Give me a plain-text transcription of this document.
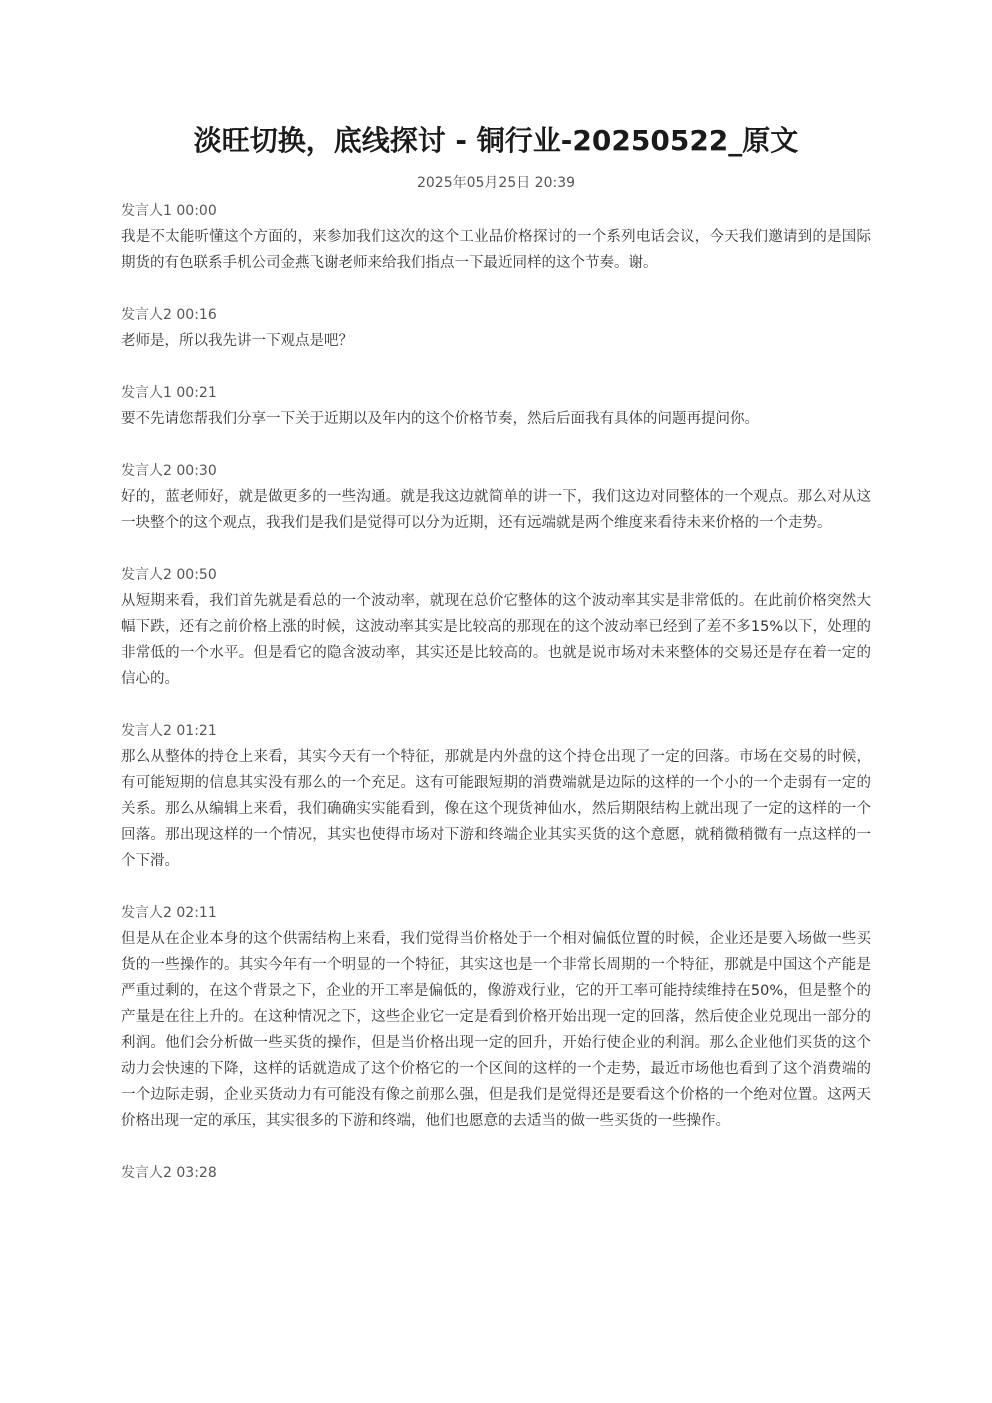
淡旺切换，底线探讨 - 铜行业-20250522_原文
2025年05月25日 20:39
发言人1 00:00

我是不太能听懂这个方面的，来参加我们这次的这个工业品价格探讨的一个系列电话会议，今天我们邀请到的是国际期货的有色联系手机公司金燕飞谢老师来给我们指点一下最近同样的这个节奏。谢。

发言人2 00:16

老师是，所以我先讲一下观点是吧？

发言人1 00:21

要不先请您帮我们分享一下关于近期以及年内的这个价格节奏，然后后面我有具体的问题再提问你。

发言人2 00:30

好的，蓝老师好，就是做更多的一些沟通。就是我这边就简单的讲一下，我们这边对同整体的一个观点。那么对从这一块整个的这个观点，我我们是我们是觉得可以分为近期，还有远端就是两个维度来看待未来价格的一个走势。

发言人2 00:50

从短期来看，我们首先就是看总的一个波动率，就现在总价它整体的这个波动率其实是非常低的。在此前价格突然大幅下跌，还有之前价格上涨的时候，这波动率其实是比较高的那现在的这个波动率已经到了差不多15%以下，处理的非常低的一个水平。但是看它的隐含波动率，其实还是比较高的。也就是说市场对未来整体的交易还是存在着一定的信心的。

发言人2 01:21

那么从整体的持仓上来看，其实今天有一个特征，那就是内外盘的这个持仓出现了一定的回落。市场在交易的时候，有可能短期的信息其实没有那么的一个充足。这有可能跟短期的消费端就是边际的这样的一个小的一个走弱有一定的关系。那么从编辑上来看，我们确确实实能看到，像在这个现货神仙水，然后期限结构上就出现了一定的这样的一个回落。那出现这样的一个情况，其实也使得市场对下游和终端企业其实买货的这个意愿，就稍微稍微有一点这样的一个下滑。

发言人2 02:11

但是从在企业本身的这个供需结构上来看，我们觉得当价格处于一个相对偏低位置的时候，企业还是要入场做一些买货的一些操作的。其实今年有一个明显的一个特征，其实这也是一个非常长周期的一个特征，那就是中国这个产能是严重过剩的，在这个背景之下，企业的开工率是偏低的，像游戏行业，它的开工率可能持续维持在50%，但是整个的产量是在往上升的。在这种情况之下，这些企业它一定是看到价格开始出现一定的回落，然后使企业兑现出一部分的利润。他们会分析做一些买货的操作，但是当价格出现一定的回升，开始行使企业的利润。那么企业他们买货的这个动力会快速的下降，这样的话就造成了这个价格它的一个区间的这样的一个走势，最近市场他也看到了这个消费端的一个边际走弱，企业买货动力有可能没有像之前那么强，但是我们是觉得还是要看这个价格的一个绝对位置。这两天价格出现一定的承压，其实很多的下游和终端，他们也愿意的去适当的做一些买货的一些操作。

发言人2 03:28
